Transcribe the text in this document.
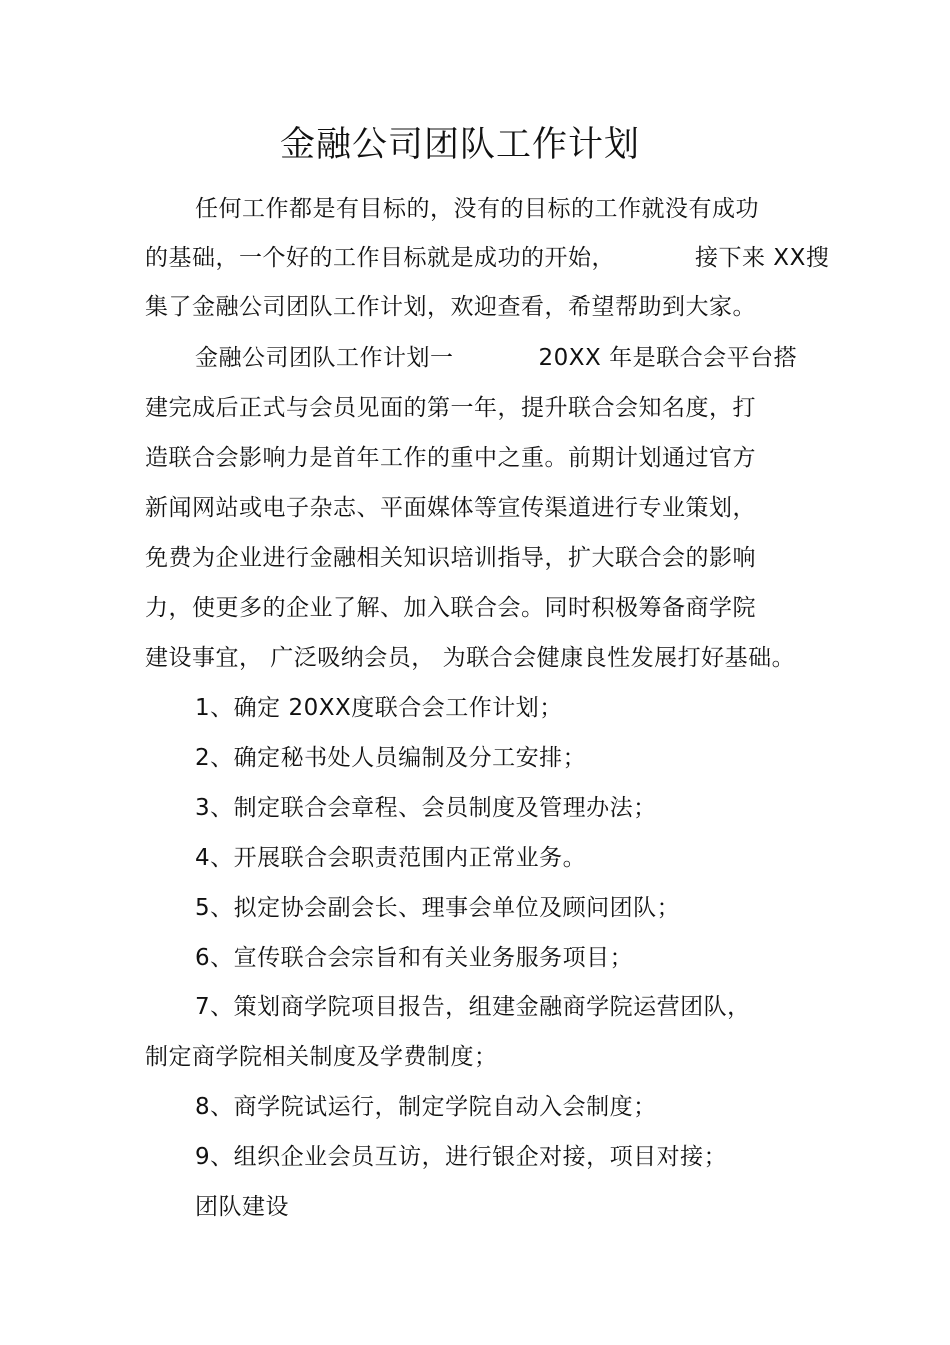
金融公司团队工作计划
任何工作都是有目标的，没有的目标的工作就没有成功
的基础，一个好的工作目标就是成功的开始，	接下来 XX搜
集了金融公司团队工作计划，欢迎查看，希望帮助到大家。
金融公司团队工作计划一	20XX 年是联合会平台搭
建完成后正式与会员见面的第一年，提升联合会知名度，打
造联合会影响力是首年工作的重中之重。前期计划通过官方
新闻网站或电子杂志、平面媒体等宣传渠道进行专业策划，
免费为企业进行金融相关知识培训指导，扩大联合会的影响
力，使更多的企业了解、加入联合会。同时积极筹备商学院
建设事宜， 广泛吸纳会员， 为联合会健康良性发展打好基础。
1、确定 20XX度联合会工作计划；
2、确定秘书处人员编制及分工安排；
3、制定联合会章程、会员制度及管理办法；
4、开展联合会职责范围内正常业务。
5、拟定协会副会长、理事会单位及顾问团队；
6、宣传联合会宗旨和有关业务服务项目；
7、策划商学院项目报告，组建金融商学院运营团队，
制定商学院相关制度及学费制度；
8、商学院试运行，制定学院自动入会制度；
9、组织企业会员互访，进行银企对接，项目对接；
团队建设
